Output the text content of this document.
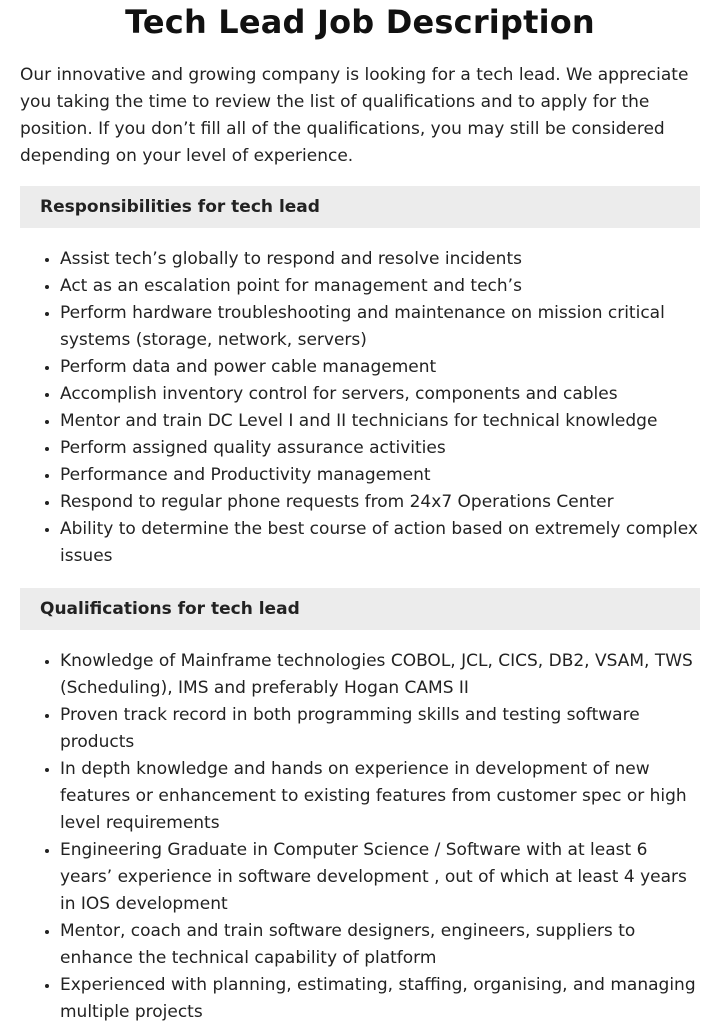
Tech Lead Job Description

Our innovative and growing company is looking for a tech lead. We appreciate you taking the time to review the list of qualifications and to apply for the position. If you don’t fill all of the qualifications, you may still be considered depending on your level of experience.

Responsibilities for tech lead
• Assist tech’s globally to respond and resolve incidents
• Act as an escalation point for management and tech’s
• Perform hardware troubleshooting and maintenance on mission critical systems (storage, network, servers)
• Perform data and power cable management
• Accomplish inventory control for servers, components and cables
• Mentor and train DC Level I and II technicians for technical knowledge
• Perform assigned quality assurance activities
• Performance and Productivity management
• Respond to regular phone requests from 24x7 Operations Center
• Ability to determine the best course of action based on extremely complex issues
Qualifications for tech lead
• Knowledge of Mainframe technologies COBOL, JCL, CICS, DB2, VSAM, TWS (Scheduling), IMS and preferably Hogan CAMS II
• Proven track record in both programming skills and testing software products
• In depth knowledge and hands on experience in development of new features or enhancement to existing features from customer spec or high level requirements
• Engineering Graduate in Computer Science / Software with at least 6 years’ experience in software development , out of which at least 4 years in IOS development
• Mentor, coach and train software designers, engineers, suppliers to enhance the technical capability of platform
• Experienced with planning, estimating, staffing, organising, and managing multiple projects
